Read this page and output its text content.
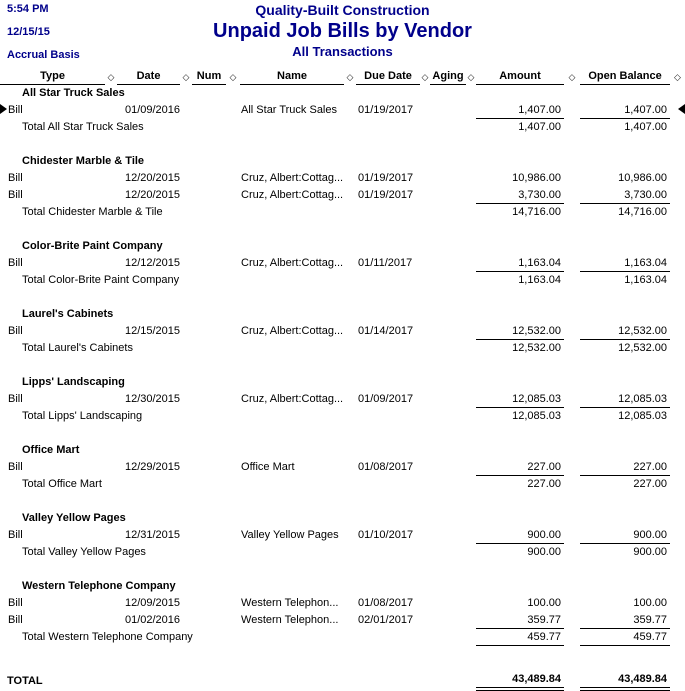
5:54 PM
12/15/15
Accrual Basis
Quality-Built Construction
Unpaid Job Bills by Vendor
All Transactions
Type		◇	Date	◇	Num	◇	Name	◇	Due Date	◇	Aging	◇	Amount	◇	Open Balance	◇
	All Star Truck Sales															
	Bill		01/09/2016				All Star Truck Sales		01/19/2017				1,407.00		1,407.00	
Total All Star Truck Sales													1,407.00		1,407.00	

	Chidester Marble & Tile															
	Bill		12/20/2015				Cruz, Albert:Cottag...		01/19/2017				10,986.00		10,986.00	
	Bill		12/20/2015				Cruz, Albert:Cottag...		01/19/2017				3,730.00		3,730.00	
Total Chidester Marble & Tile													14,716.00		14,716.00	

	Color-Brite Paint Company															
	Bill		12/12/2015				Cruz, Albert:Cottag...		01/11/2017				1,163.04		1,163.04	
Total Color-Brite Paint Company													1,163.04		1,163.04	

	Laurel's Cabinets															
	Bill		12/15/2015				Cruz, Albert:Cottag...		01/14/2017				12,532.00		12,532.00	
Total Laurel's Cabinets													12,532.00		12,532.00	

	Lipps' Landscaping															
	Bill		12/30/2015				Cruz, Albert:Cottag...		01/09/2017				12,085.03		12,085.03	
Total Lipps' Landscaping													12,085.03		12,085.03	

	Office Mart															
	Bill		12/29/2015				Office Mart		01/08/2017				227.00		227.00	
Total Office Mart													227.00		227.00	

	Valley Yellow Pages															
	Bill		12/31/2015				Valley Yellow Pages		01/10/2017				900.00		900.00	
Total Valley Yellow Pages													900.00		900.00	

	Western Telephone Company															
	Bill		12/09/2015				Western Telephon...		01/08/2017				100.00		100.00	
	Bill		01/02/2016				Western Telephon...		02/01/2017				359.77		359.77	
Total Western Telephone Company													459.77		459.77	

TOTAL													43,489.84		43,489.84	
